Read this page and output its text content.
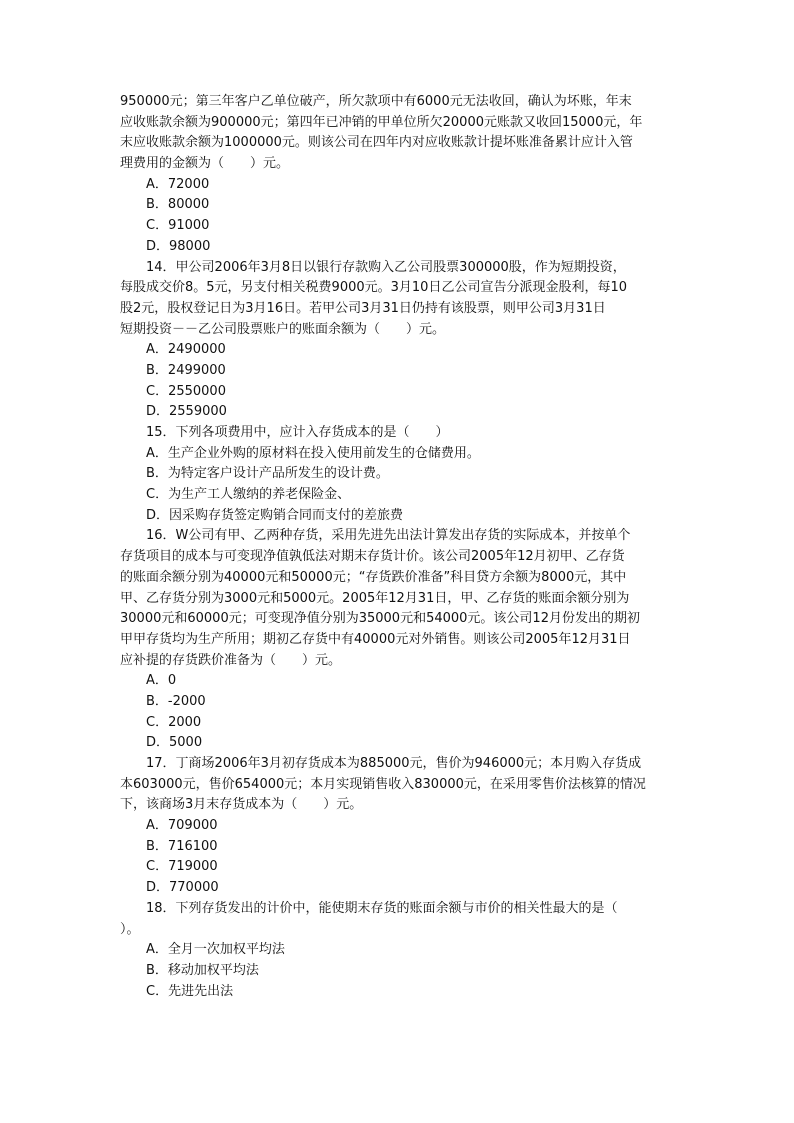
950000元；第三年客户乙单位破产，所欠款项中有6000元无法收回，确认为坏账，年末
应收账款余额为900000元；第四年已冲销的甲单位所欠20000元账款又收回15000元，年
末应收账款余额为1000000元。则该公司在四年内对应收账款计提坏账准备累计应计入管
理费用的金额为（　　）元。
A．72000
B．80000
C．91000
D．98000
14．甲公司2006年3月8日以银行存款购入乙公司股票300000股，作为短期投资，
每股成交价8。5元，另支付相关税费9000元。3月10日乙公司宣告分派现金股利，每10
股2元，股权登记日为3月16日。若甲公司3月31日仍持有该股票，则甲公司3月31日
短期投资－－乙公司股票账户的账面余额为（　　）元。
A．2490000
B．2499000
C．2550000
D．2559000
15．下列各项费用中，应计入存货成本的是（　　）
A．生产企业外购的原材料在投入使用前发生的仓储费用。
B．为特定客户设计产品所发生的设计费。
C．为生产工人缴纳的养老保险金、
D．因采购存货签定购销合同而支付的差旅费
16．W公司有甲、乙两种存货，采用先进先出法计算发出存货的实际成本，并按单个
存货项目的成本与可变现净值孰低法对期末存货计价。该公司2005年12月初甲、乙存货
的账面余额分别为40000元和50000元；“存货跌价准备”科目贷方余额为8000元，其中
甲、乙存货分别为3000元和5000元。2005年12月31日，甲、乙存货的账面余额分别为
30000元和60000元；可变现净值分别为35000元和54000元。该公司12月份发出的期初
甲甲存货均为生产所用；期初乙存货中有40000元对外销售。则该公司2005年12月31日
应补提的存货跌价准备为（　　）元。
A．0
B．-2000
C．2000
D．5000
17．丁商场2006年3月初存货成本为885000元，售价为946000元；本月购入存货成
本603000元，售价654000元；本月实现销售收入830000元，在采用零售价法核算的情况
下，该商场3月末存货成本为（　　）元。
A．709000
B．716100
C．719000
D．770000
18．下列存货发出的计价中，能使期末存货的账面余额与市价的相关性最大的是（
）。
A．全月一次加权平均法
B．移动加权平均法
C．先进先出法
